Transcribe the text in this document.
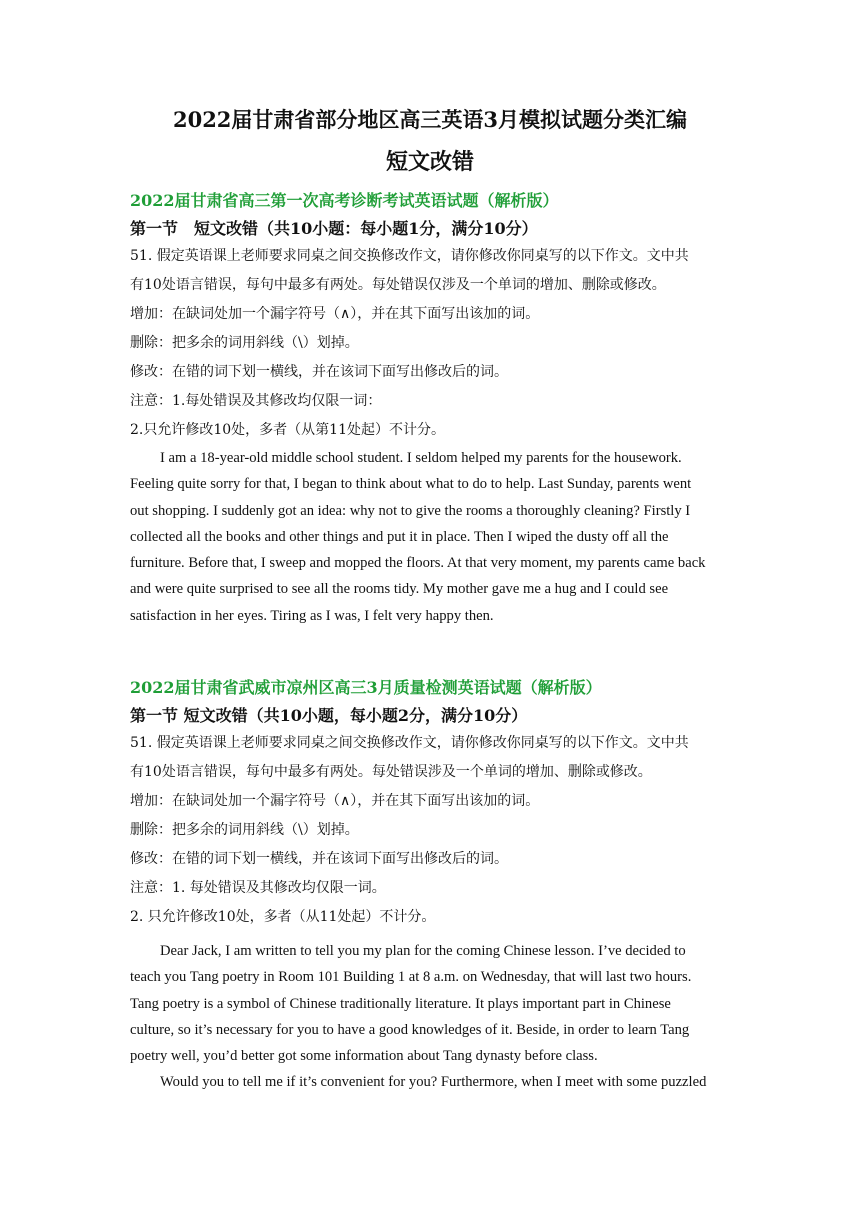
2022届甘肃省部分地区高三英语3月模拟试题分类汇编
短文改错
2022届甘肃省高三第一次高考诊断考试英语试题（解析版）
第一节　短文改错（共10小题：每小题1分，满分10分）
51. 假定英语课上老师要求同桌之间交换修改作文，请你修改你同桌写的以下作文。文中共
有10处语言错误，每句中最多有两处。每处错误仅涉及一个单词的增加、删除或修改。
增加：在缺词处加一个漏字符号（∧），并在其下面写出该加的词。
删除：把多余的词用斜线（\）划掉。
修改：在错的词下划一横线，并在该词下面写出修改后的词。
注意：1.每处错误及其修改均仅限一词：
2.只允许修改10处，多者（从第11处起）不计分。
I am a 18-year-old middle school student. I seldom helped my parents for the housework.
Feeling quite sorry for that, I began to think about what to do to help. Last Sunday, parents went
out shopping. I suddenly got an idea: why not to give the rooms a thoroughly cleaning? Firstly I
collected all the books and other things and put it in place. Then I wiped the dusty off all the
furniture. Before that, I sweep and mopped the floors. At that very moment, my parents came back
and were quite surprised to see all the rooms tidy. My mother gave me a hug and I could see
satisfaction in her eyes. Tiring as I was, I felt very happy then.
2022届甘肃省武威市凉州区高三3月质量检测英语试题（解析版）
第一节 短文改错（共10小题，每小题2分，满分10分）
51. 假定英语课上老师要求同桌之间交换修改作文，请你修改你同桌写的以下作文。文中共
有10处语言错误，每句中最多有两处。每处错误涉及一个单词的增加、删除或修改。
增加：在缺词处加一个漏字符号（∧），并在其下面写出该加的词。
删除：把多余的词用斜线（\）划掉。
修改：在错的词下划一横线，并在该词下面写出修改后的词。
注意：1. 每处错误及其修改均仅限一词。
2. 只允许修改10处，多者（从11处起）不计分。
Dear Jack, I am written to tell you my plan for the coming Chinese lesson. I’ve decided to
teach you Tang poetry in Room 101 Building 1 at 8 a.m. on Wednesday, that will last two hours.
Tang poetry is a symbol of Chinese traditionally literature. It plays important part in Chinese
culture, so it’s necessary for you to have a good knowledges of it. Beside, in order to learn Tang
poetry well, you’d better got some information about Tang dynasty before class.
Would you to tell me if it’s convenient for you? Furthermore, when I meet with some puzzled
